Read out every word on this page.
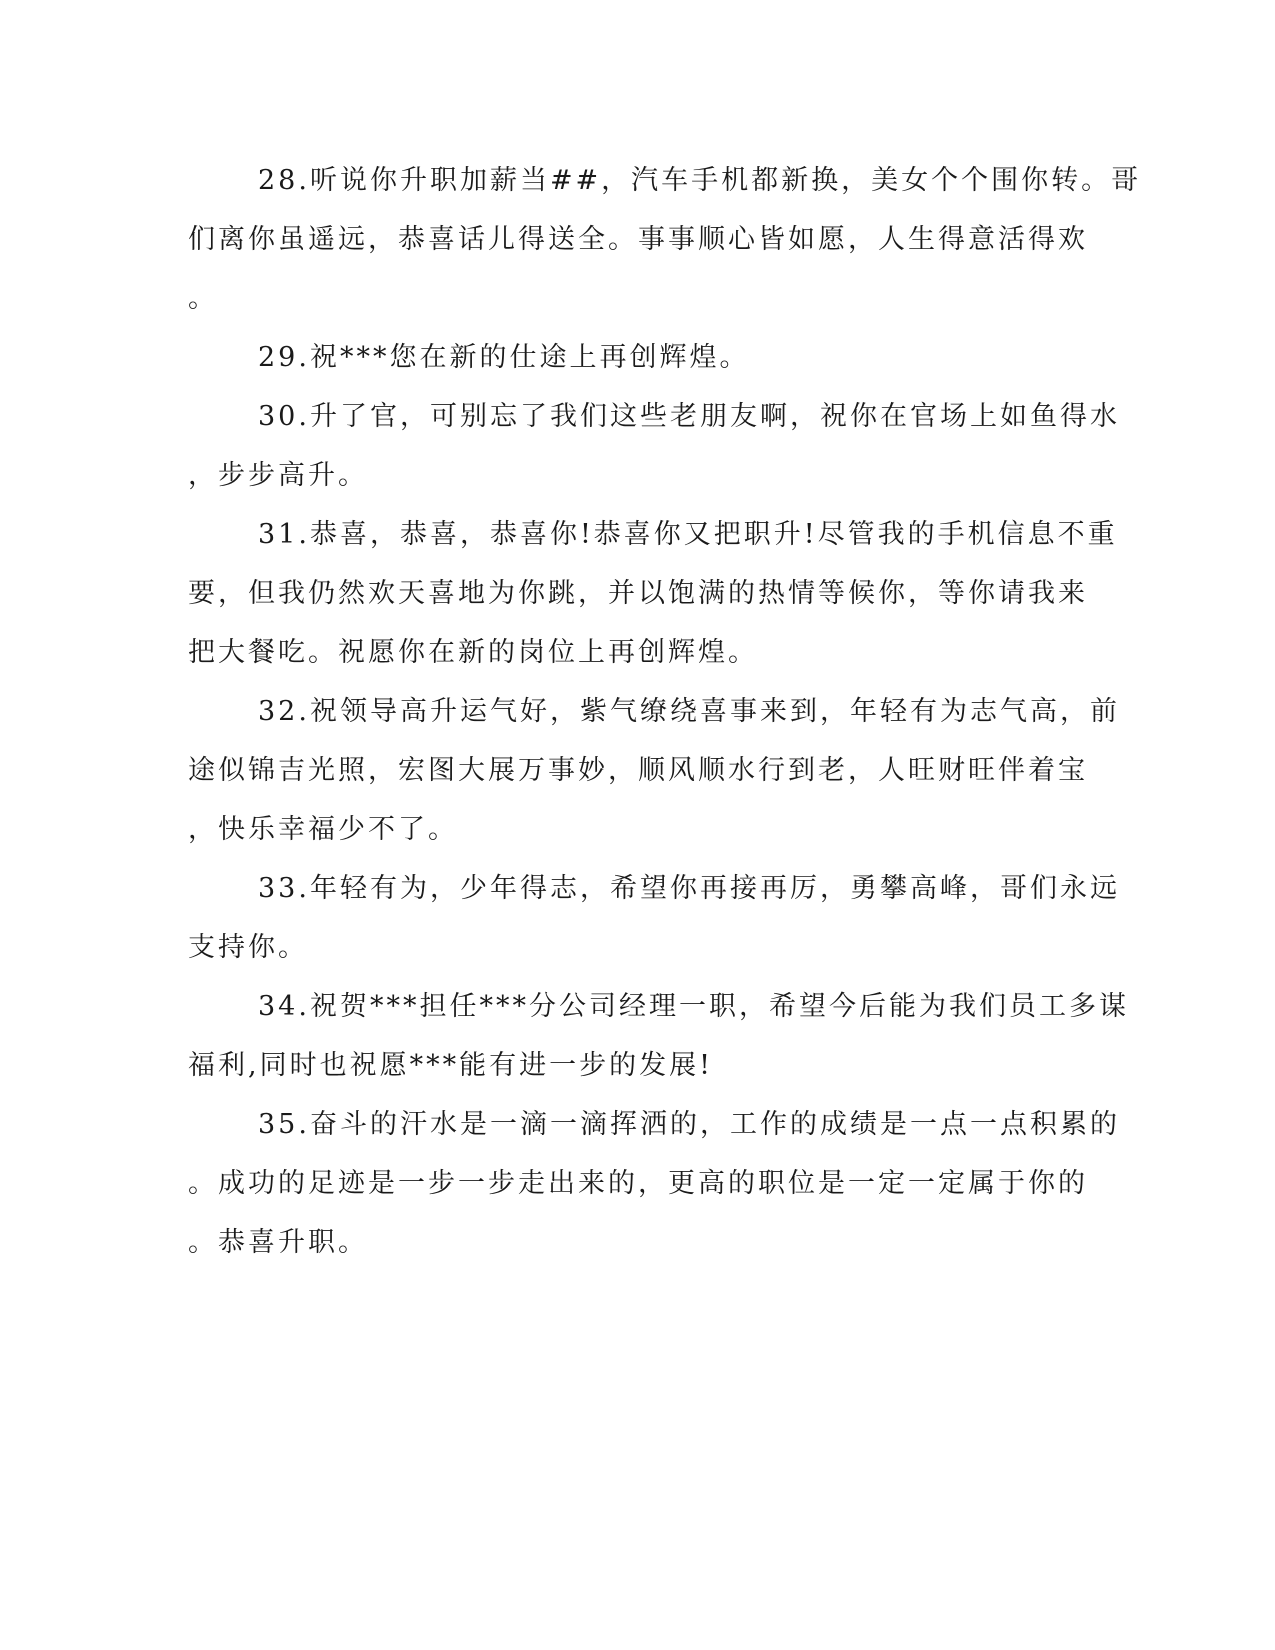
28.听说你升职加薪当##，汽车手机都新换，美女个个围你转。哥
们离你虽遥远，恭喜话儿得送全。事事顺心皆如愿，人生得意活得欢
。
29.祝***您在新的仕途上再创辉煌。
30.升了官，可别忘了我们这些老朋友啊，祝你在官场上如鱼得水
，步步高升。
31.恭喜，恭喜，恭喜你!恭喜你又把职升!尽管我的手机信息不重
要，但我仍然欢天喜地为你跳，并以饱满的热情等候你，等你请我来
把大餐吃。祝愿你在新的岗位上再创辉煌。
32.祝领导高升运气好，紫气缭绕喜事来到，年轻有为志气高，前
途似锦吉光照，宏图大展万事妙，顺风顺水行到老，人旺财旺伴着宝
，快乐幸福少不了。
33.年轻有为，少年得志，希望你再接再厉，勇攀高峰，哥们永远
支持你。
34.祝贺***担任***分公司经理一职，希望今后能为我们员工多谋
福利,同时也祝愿***能有进一步的发展!
35.奋斗的汗水是一滴一滴挥洒的，工作的成绩是一点一点积累的
。成功的足迹是一步一步走出来的，更高的职位是一定一定属于你的
。恭喜升职。
